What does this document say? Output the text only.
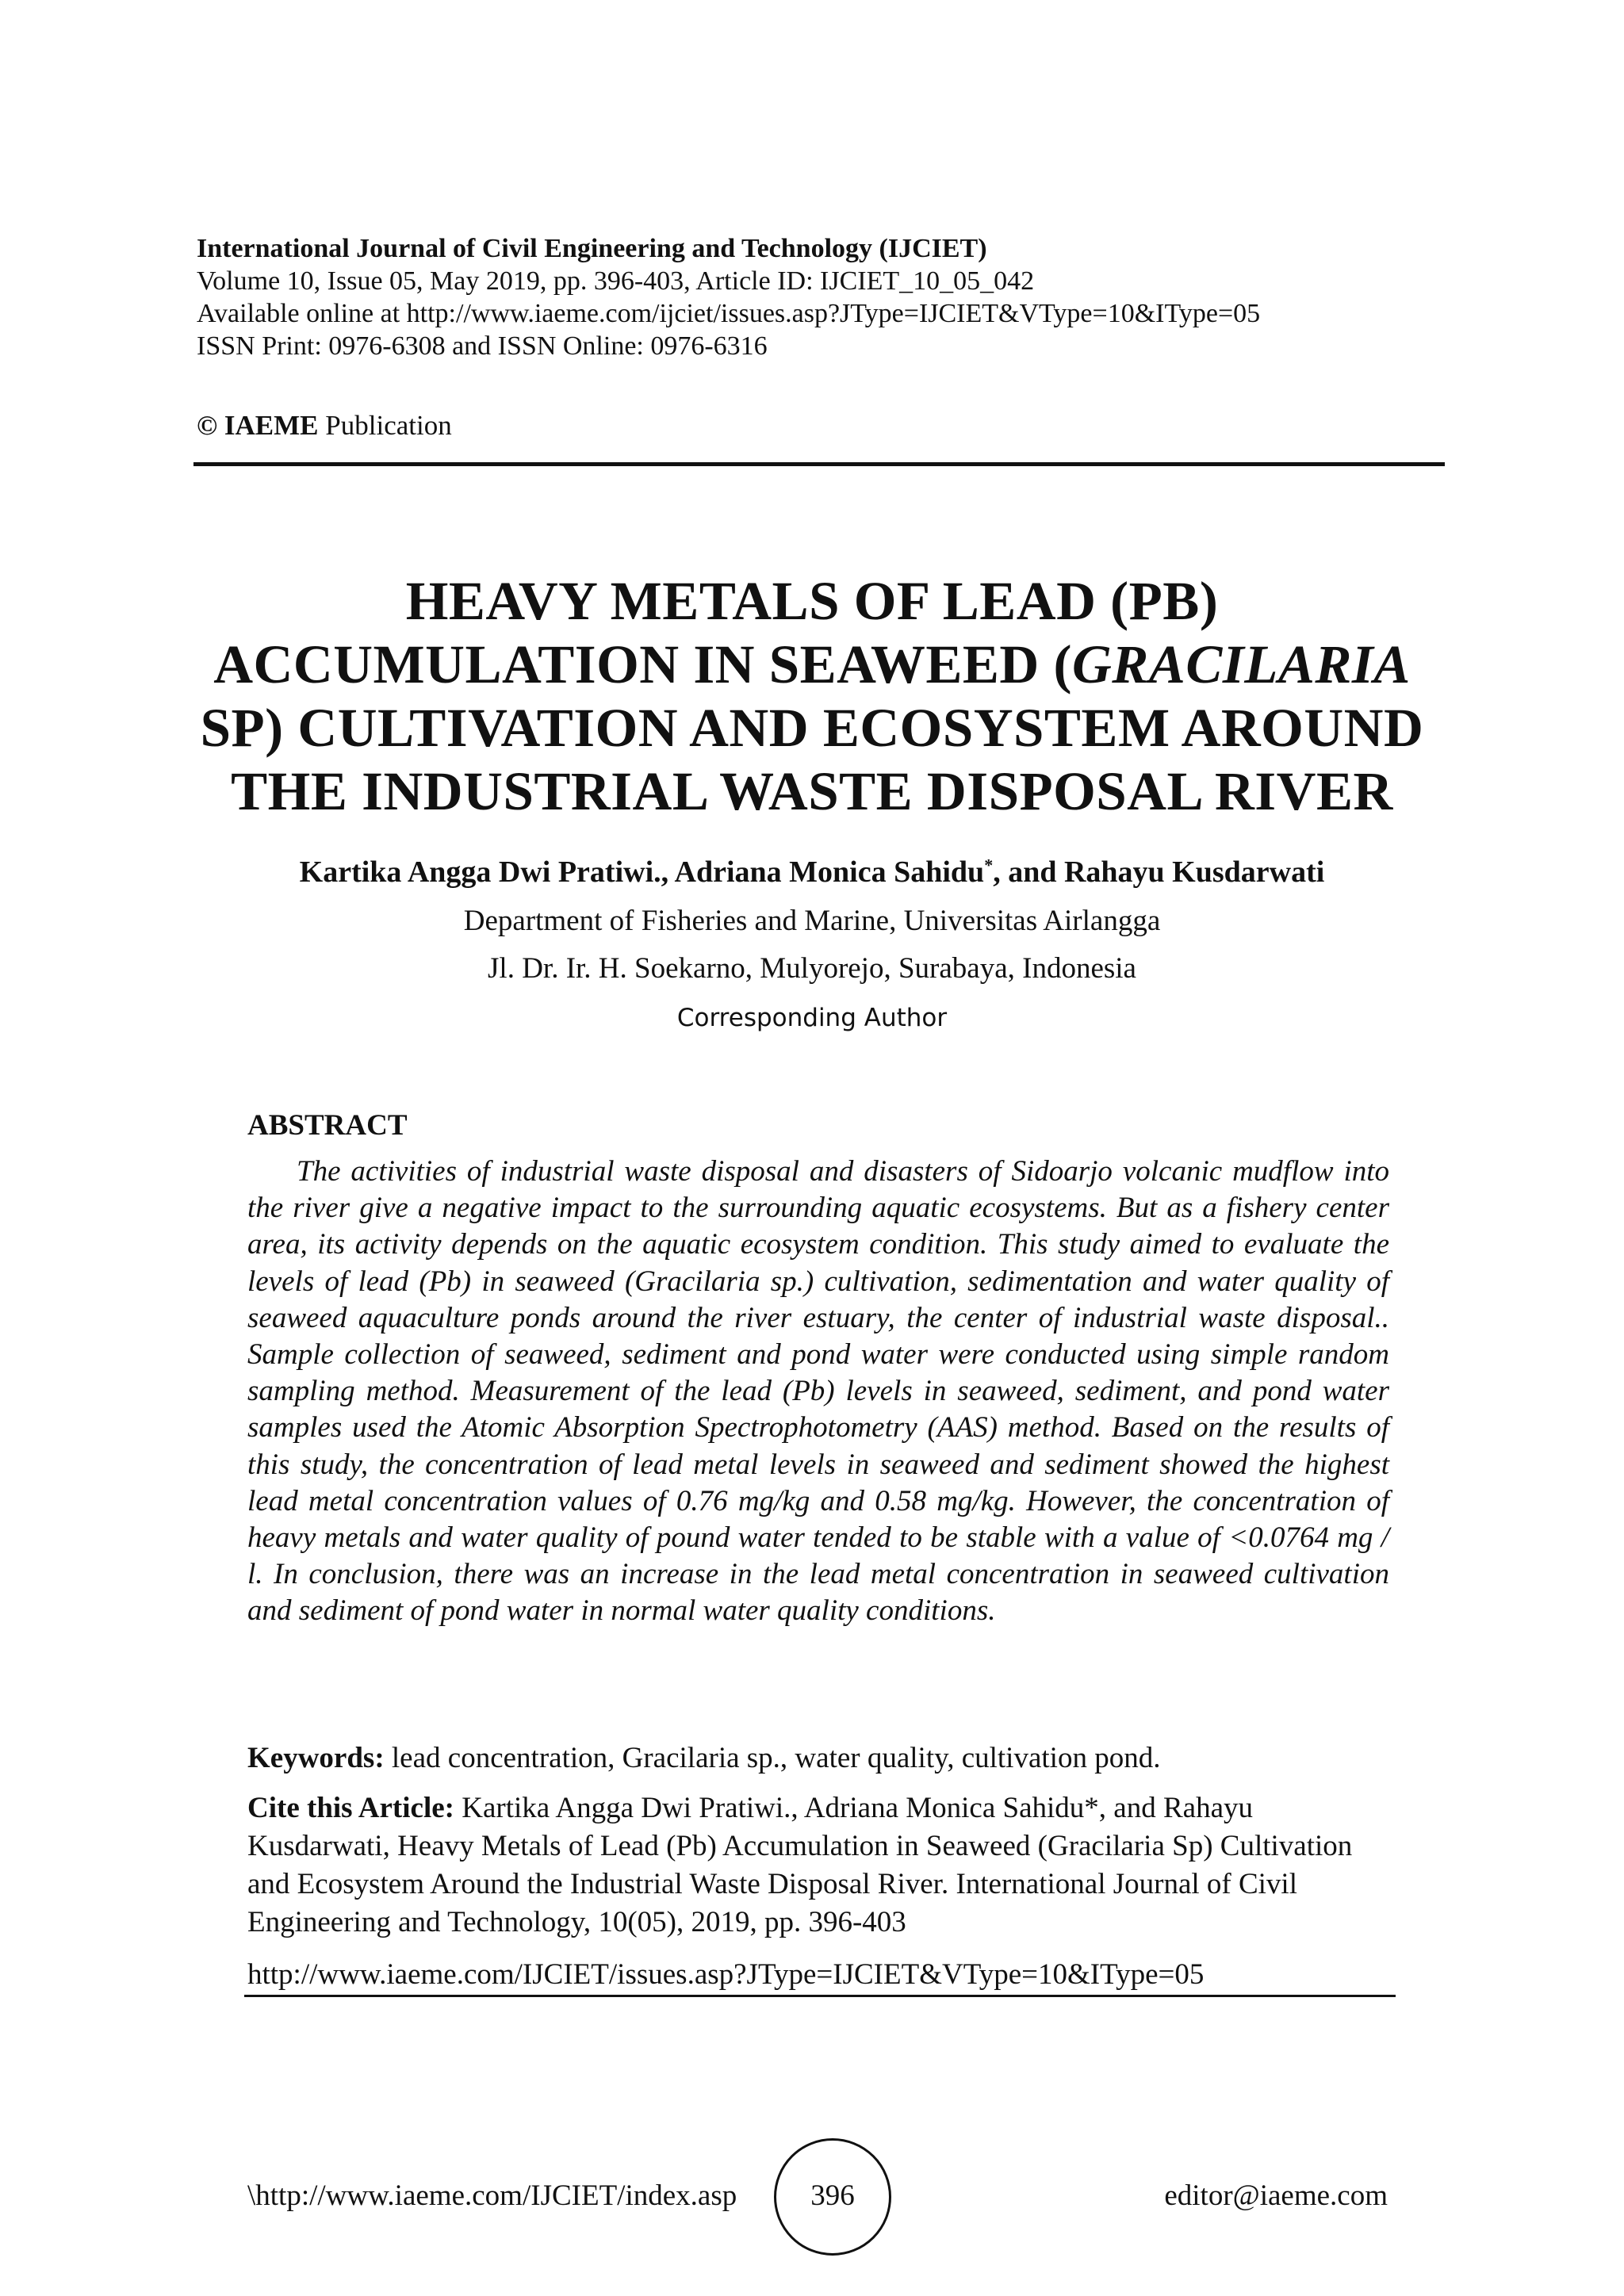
International Journal of Civil Engineering and Technology (IJCIET)
Volume 10, Issue 05, May 2019, pp. 396-403, Article ID: IJCIET_10_05_042
Available online at http://www.iaeme.com/ijciet/issues.asp?JType=IJCIET&VType=10&IType=05
ISSN Print: 0976-6308 and ISSN Online: 0976-6316
© IAEME Publication
HEAVY METALS OF LEAD (PB)
ACCUMULATION IN SEAWEED (GRACILARIA
SP) CULTIVATION AND ECOSYSTEM AROUND
THE INDUSTRIAL WASTE DISPOSAL RIVER
Kartika Angga Dwi Pratiwi., Adriana Monica Sahidu*, and Rahayu Kusdarwati
Department of Fisheries and Marine, Universitas Airlangga
Jl. Dr. Ir. H. Soekarno, Mulyorejo, Surabaya, Indonesia
Corresponding Author
ABSTRACT

The activities of industrial waste disposal and disasters of Sidoarjo volcanic mudflow into the river give a negative impact to the surrounding aquatic ecosystems. But as a fishery center area, its activity depends on the aquatic ecosystem condition. This study aimed to evaluate the levels of lead (Pb) in seaweed (Gracilaria sp.) cultivation, sedimentation and water quality of seaweed aquaculture ponds around the river estuary, the center of industrial waste disposal.. Sample collection of seaweed, sediment and pond water were conducted using simple random sampling method. Measurement of the lead (Pb) levels in seaweed, sediment, and pond water samples used the Atomic Absorption Spectrophotometry (AAS) method. Based on the results of this study, the concentration of lead metal levels in seaweed and sediment showed the highest lead metal concentration values of 0.76 mg/kg and 0.58 mg/kg. However, the concentration of heavy metals and water quality of pound water tended to be stable with a value of <0.0764 mg / l. In conclusion, there was an increase in the lead metal concentration in seaweed cultivation and sediment of pond water in normal water quality conditions.

Keywords: lead concentration, Gracilaria sp., water quality, cultivation pond.

Cite this Article: Kartika Angga Dwi Pratiwi., Adriana Monica Sahidu*, and Rahayu Kusdarwati, Heavy Metals of Lead (Pb) Accumulation in Seaweed (Gracilaria Sp) Cultivation and Ecosystem Around the Industrial Waste Disposal River. International Journal of Civil Engineering and Technology, 10(05), 2019, pp. 396-403

http://www.iaeme.com/IJCIET/issues.asp?JType=IJCIET&VType=10&IType=05
\http://www.iaeme.com/IJCIET/index.asp	396	editor@iaeme.com
